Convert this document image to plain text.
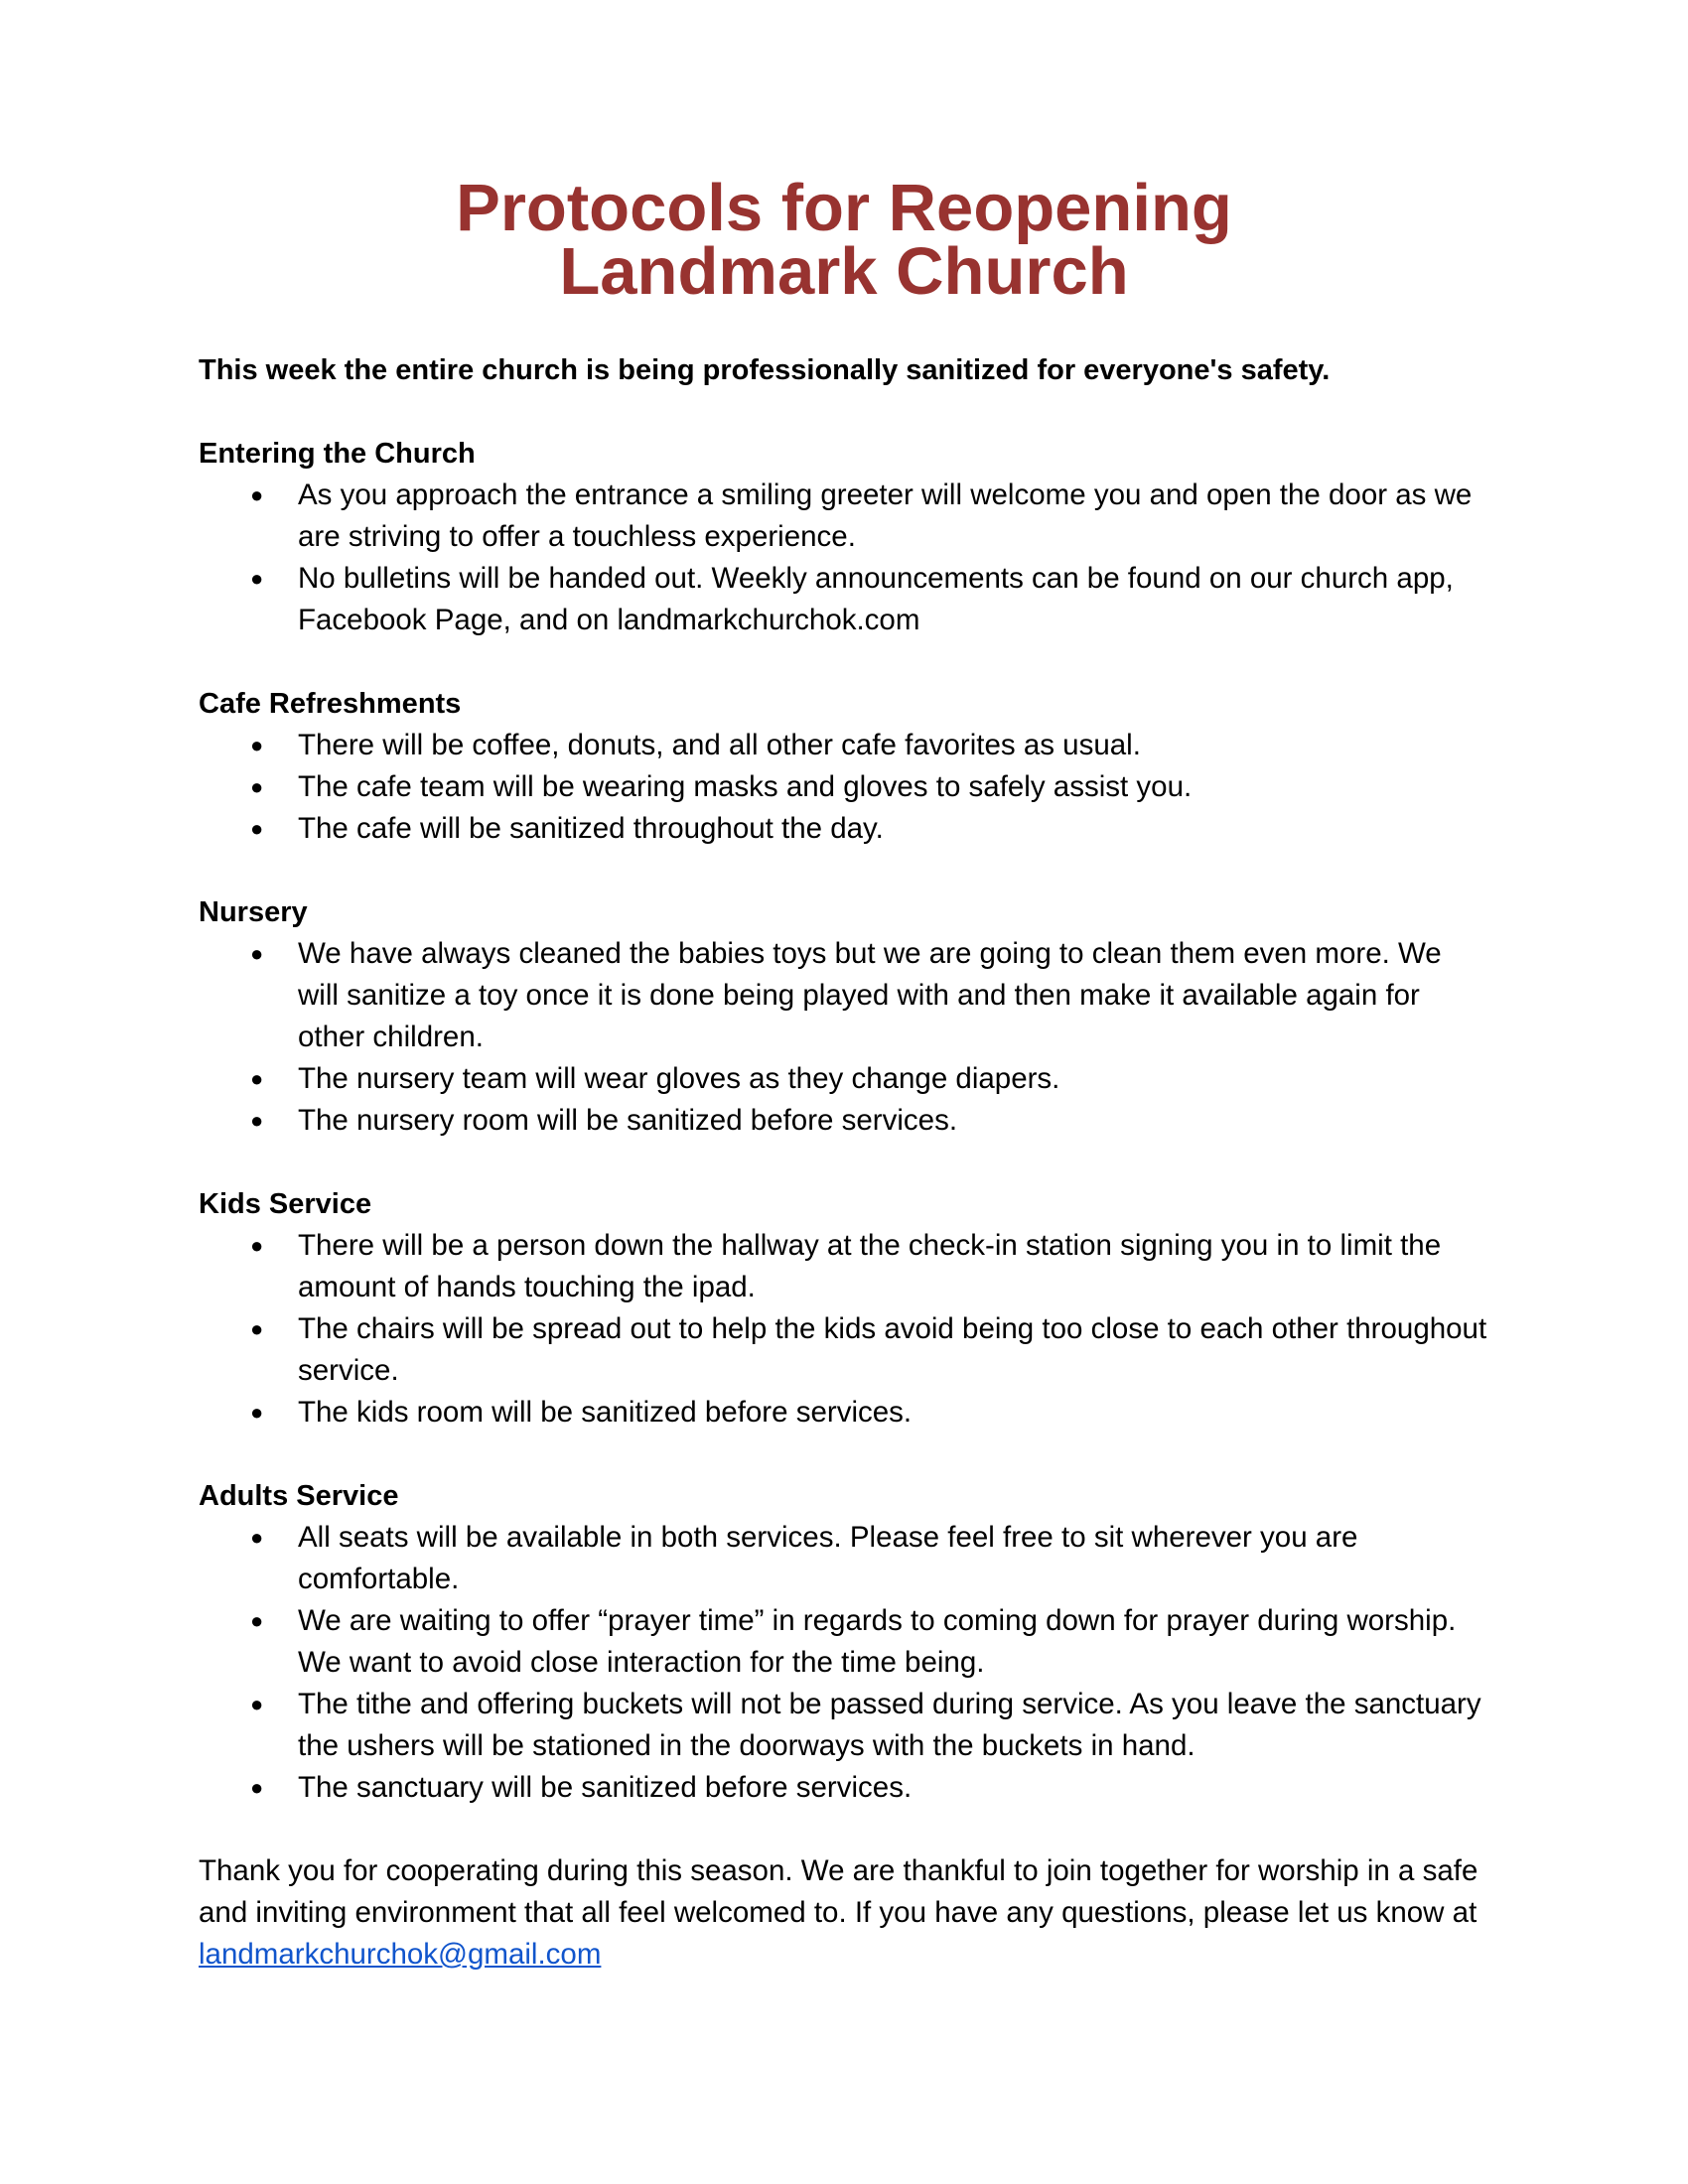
Protocols for Reopening
Landmark Church

This week the entire church is being professionally sanitized for everyone's safety.

Entering the Church
● As you approach the entrance a smiling greeter will welcome you and open the door as we are striving to offer a touchless experience.
● No bulletins will be handed out. Weekly announcements can be found on our church app, Facebook Page, and on landmarkchurchok.com
Cafe Refreshments
● There will be coffee, donuts, and all other cafe favorites as usual.
● The cafe team will be wearing masks and gloves to safely assist you.
● The cafe will be sanitized throughout the day.
Nursery
● We have always cleaned the babies toys but we are going to clean them even more. We will sanitize a toy once it is done being played with and then make it available again for other children.
● The nursery team will wear gloves as they change diapers.
● The nursery room will be sanitized before services.
Kids Service
● There will be a person down the hallway at the check-in station signing you in to limit the amount of hands touching the ipad.
● The chairs will be spread out to help the kids avoid being too close to each other throughout service.
● The kids room will be sanitized before services.
Adults Service
● All seats will be available in both services. Please feel free to sit wherever you are comfortable.
● We are waiting to offer “prayer time” in regards to coming down for prayer during worship. We want to avoid close interaction for the time being.
● The tithe and offering buckets will not be passed during service. As you leave the sanctuary the ushers will be stationed in the doorways with the buckets in hand.
● The sanctuary will be sanitized before services.

Thank you for cooperating during this season. We are thankful to join together for worship in a safe and inviting environment that all feel welcomed to. If you have any questions, please let us know at landmarkchurchok@gmail.com
